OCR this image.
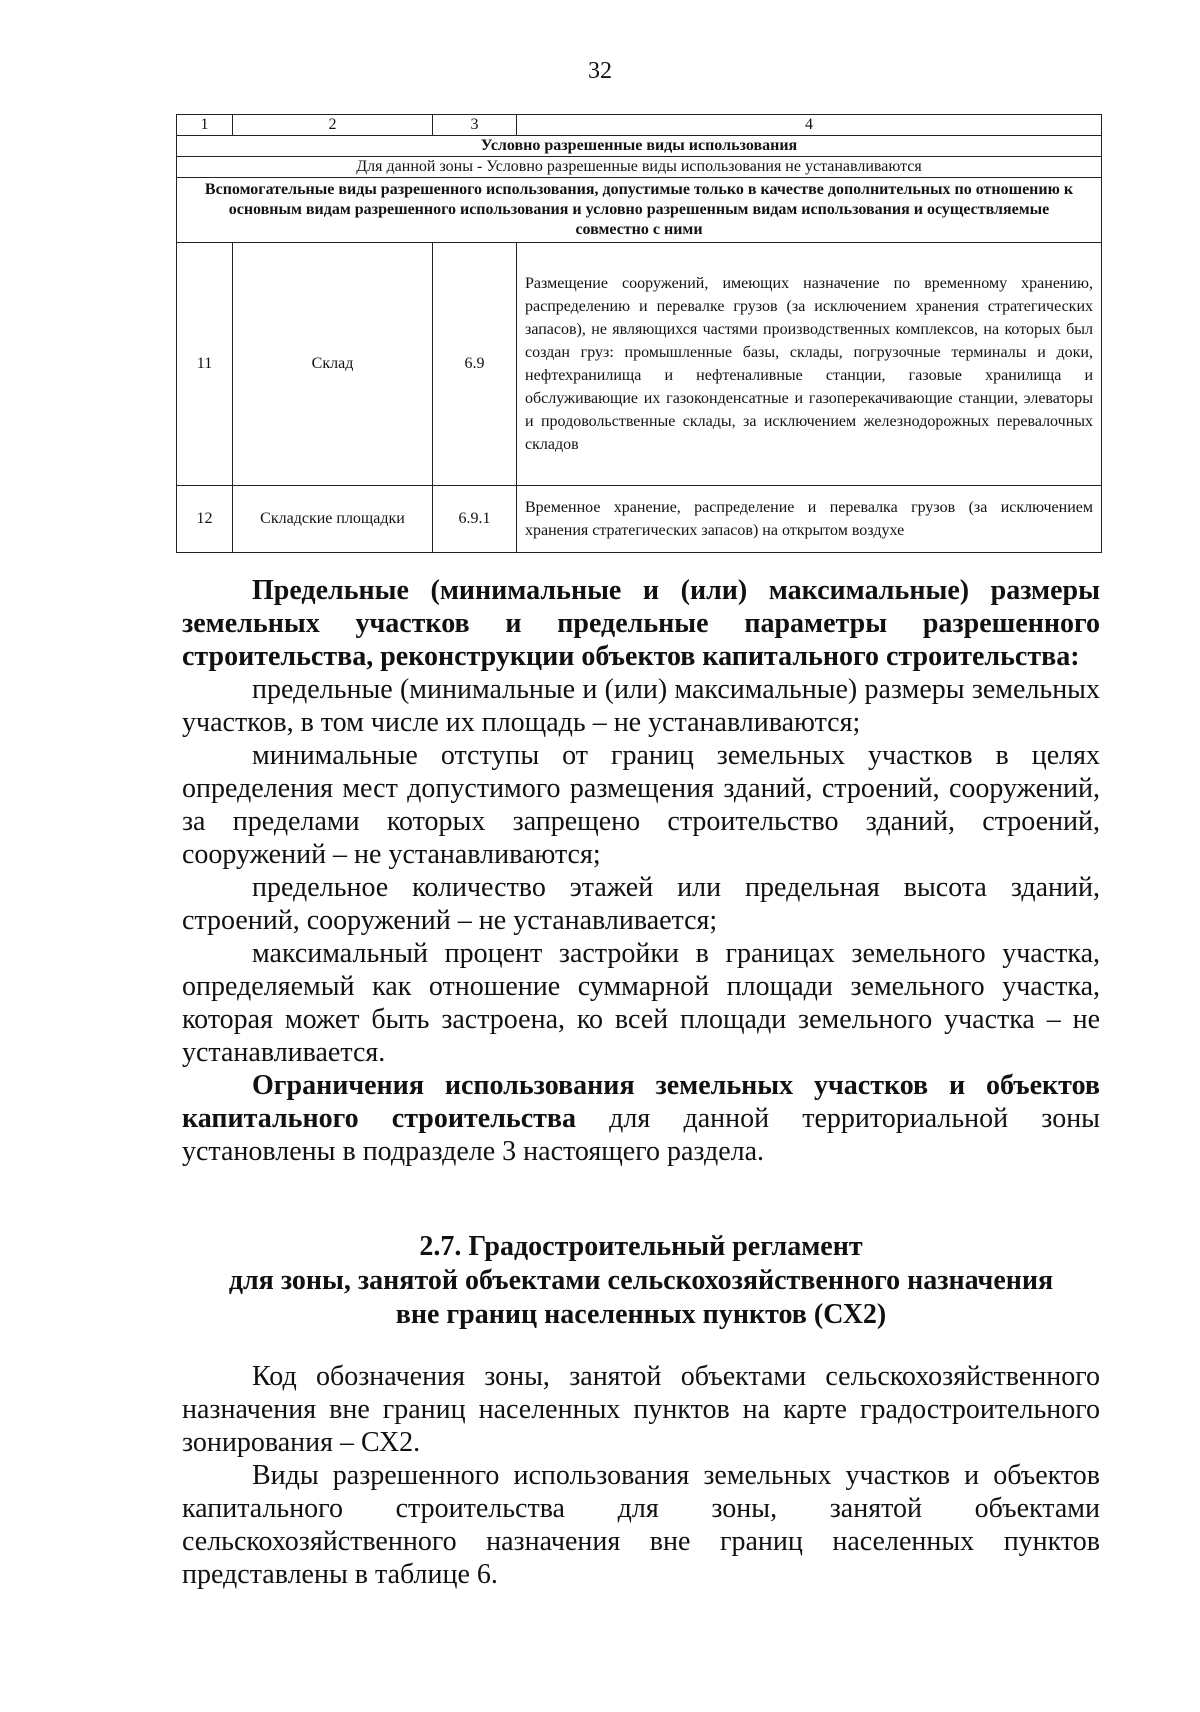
32
1	2	3	4
Условно разрешенные виды использования			
Для данной зоны - Условно разрешенные виды использования не устанавливаются			
Вспомогательные виды разрешенного использования, допустимые только в качестве дополнительных по отношению к основным видам разрешенного использования и условно разрешенным видам использования и осуществляемые совместно с ними			
11	Склад	6.9	Размещение сооружений, имеющих назначение по временному хранению, распределению и перевалке грузов (за исключением хранения стратегических запасов), не являющихся частями производственных комплексов, на которых был создан груз: промышленные базы, склады, погрузочные терминалы и доки, нефтехранилища и нефтеналивные станции, газовые хранилища и обслуживающие их газоконденсатные и газоперекачивающие станции, элеваторы и продовольственные склады, за исключением железнодорожных перевалочных складов
12	Складские площадки	6.9.1	Временное хранение, распределение и перевалка грузов (за исключением хранения стратегических запасов) на открытом воздухе

Предельные (минимальные и (или) максимальные) размеры земельных участков и предельные параметры разрешенного строительства, реконструкции объектов капитального строительства:

предельные (минимальные и (или) максимальные) размеры земельных участков, в том числе их площадь – не устанавливаются;

минимальные отступы от границ земельных участков в целях определения мест допустимого размещения зданий, строений, сооружений, за пределами которых запрещено строительство зданий, строений, сооружений – не устанавливаются;

предельное количество этажей или предельная высота зданий, строений, сооружений – не устанавливается;

максимальный процент застройки в границах земельного участка, определяемый как отношение суммарной площади земельного участка, которая может быть застроена, ко всей площади земельного участка – не устанавливается.

Ограничения использования земельных участков и объектов капитального строительства для данной территориальной зоны установлены в подразделе 3 настоящего раздела.

2.7. Градостроительный регламент
для зоны, занятой объектами сельскохозяйственного назначения
вне границ населенных пунктов (СХ2)

Код обозначения зоны, занятой объектами сельскохозяйственного назначения вне границ населенных пунктов на карте градостроительного зонирования – СХ2.

Виды разрешенного использования земельных участков и объектов капитального строительства для зоны, занятой объектами сельскохозяйственного назначения вне границ населенных пунктов представлены в таблице 6.
